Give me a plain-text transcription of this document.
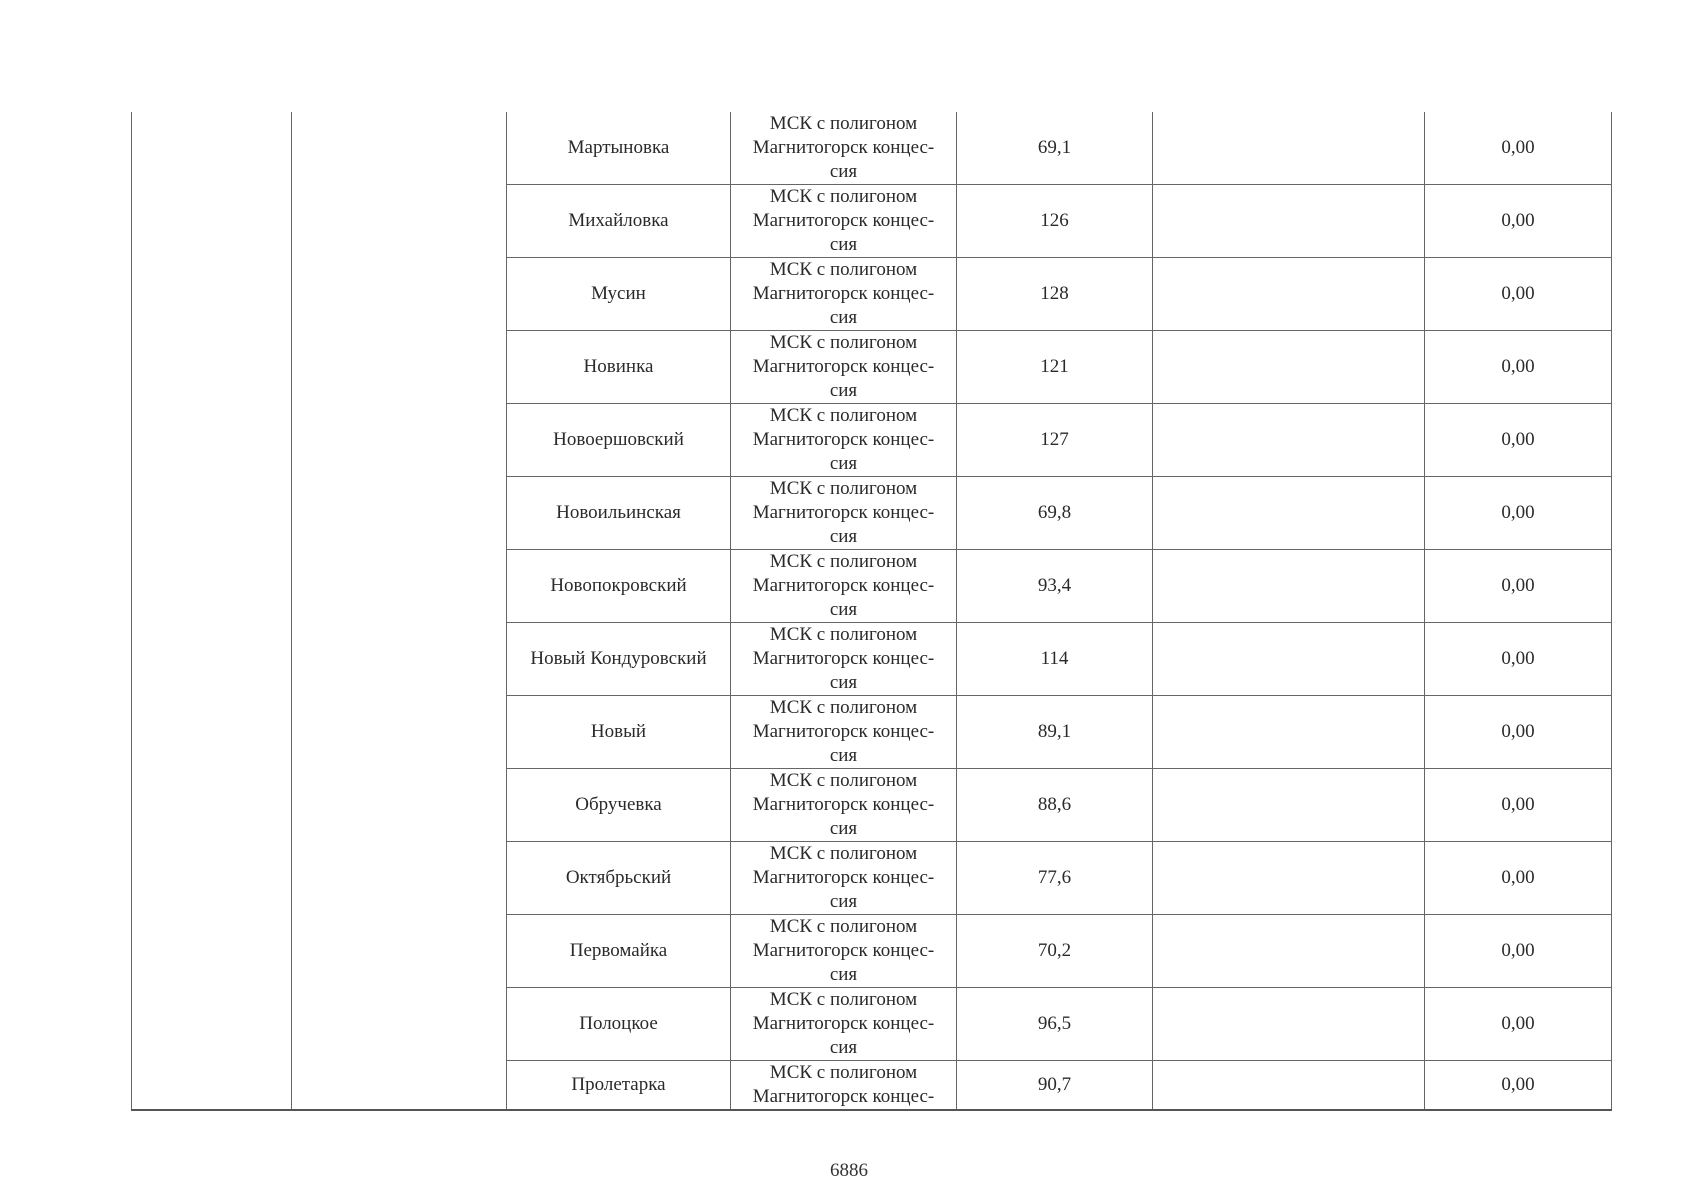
		Мартыновка	МСК с полигоном Магнитогорск концес- сия	69,1		0,00
		Михайловка	МСК с полигоном Магнитогорск концес- сия	126		0,00
		Мусин	МСК с полигоном Магнитогорск концес- сия	128		0,00
		Новинка	МСК с полигоном Магнитогорск концес- сия	121		0,00
		Новоершовский	МСК с полигоном Магнитогорск концес- сия	127		0,00
		Новоильинская	МСК с полигоном Магнитогорск концес- сия	69,8		0,00
		Новопокровский	МСК с полигоном Магнитогорск концес- сия	93,4		0,00
		Новый Кондуровский	МСК с полигоном Магнитогорск концес- сия	114		0,00
		Новый	МСК с полигоном Магнитогорск концес- сия	89,1		0,00
		Обручевка	МСК с полигоном Магнитогорск концес- сия	88,6		0,00
		Октябрьский	МСК с полигоном Магнитогорск концес- сия	77,6		0,00
		Первомайка	МСК с полигоном Магнитогорск концес- сия	70,2		0,00
		Полоцкое	МСК с полигоном Магнитогорск концес- сия	96,5		0,00

		Пролетарка	МСК с полигоном Магнитогорск концес-	90,7		0,00
6886
